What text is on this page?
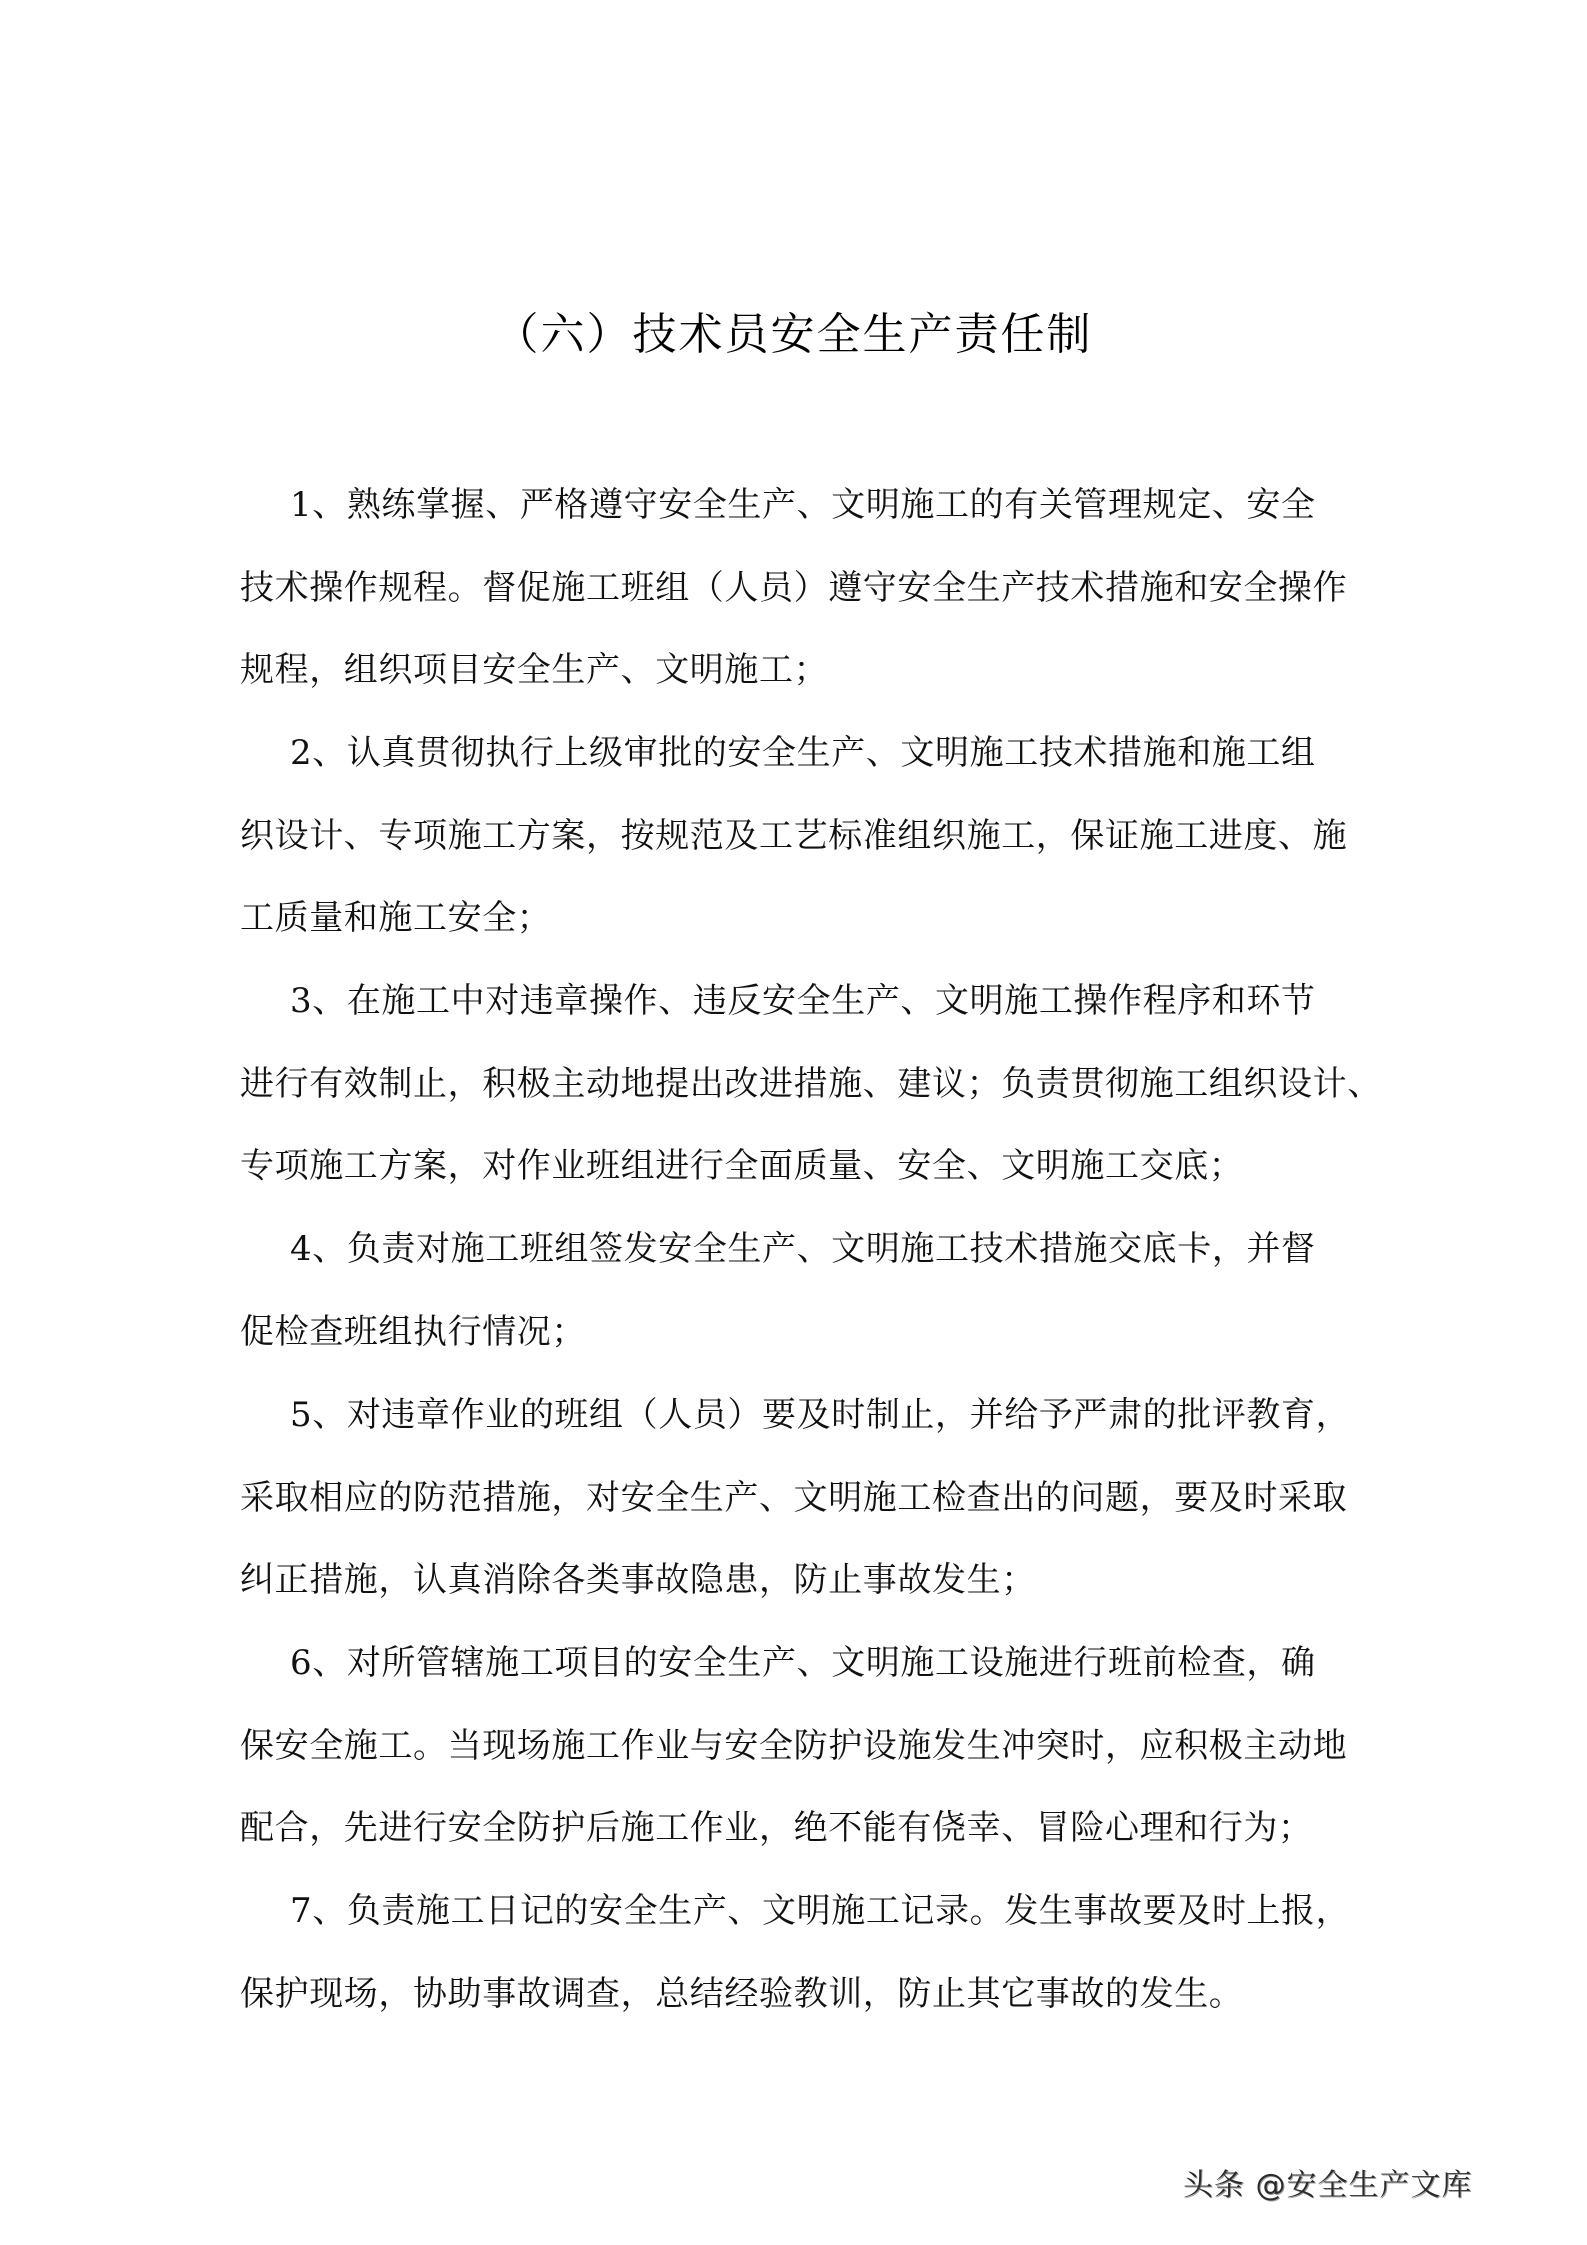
（六）技术员安全生产责任制
1、熟练掌握、严格遵守安全生产、文明施工的有关管理规定、安全
技术操作规程。督促施工班组（人员）遵守安全生产技术措施和安全操作
规程，组织项目安全生产、文明施工；
2、认真贯彻执行上级审批的安全生产、文明施工技术措施和施工组
织设计、专项施工方案，按规范及工艺标准组织施工，保证施工进度、施
工质量和施工安全；
3、在施工中对违章操作、违反安全生产、文明施工操作程序和环节
进行有效制止，积极主动地提出改进措施、建议；负责贯彻施工组织设计、
专项施工方案，对作业班组进行全面质量、安全、文明施工交底；
4、负责对施工班组签发安全生产、文明施工技术措施交底卡，并督
促检查班组执行情况；
5、对违章作业的班组（人员）要及时制止，并给予严肃的批评教育，
采取相应的防范措施，对安全生产、文明施工检查出的问题，要及时采取
纠正措施，认真消除各类事故隐患，防止事故发生；
6、对所管辖施工项目的安全生产、文明施工设施进行班前检查，确
保安全施工。当现场施工作业与安全防护设施发生冲突时，应积极主动地
配合，先进行安全防护后施工作业，绝不能有侥幸、冒险心理和行为；
7、负责施工日记的安全生产、文明施工记录。发生事故要及时上报，
保护现场，协助事故调查，总结经验教训，防止其它事故的发生。
头条 @安全生产文库
